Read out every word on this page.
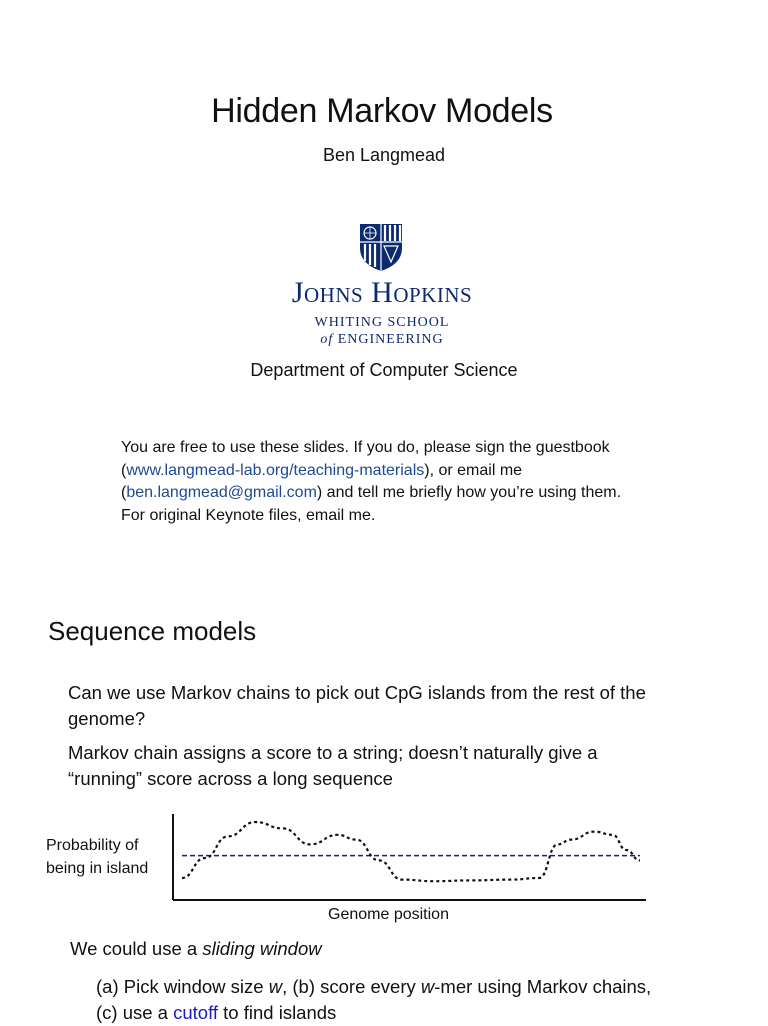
Hidden Markov Models
Ben Langmead
Johns Hopkins
WHITING SCHOOL
of ENGINEERING
Department of Computer Science
You are free to use these slides. If you do, please sign the guestbook (www.langmead-lab.org/teaching-materials), or email me (ben.langmead@gmail.com) and tell me briefly how you’re using them. For original Keynote files, email me.
Sequence models
Can we use Markov chains to pick out CpG islands from the rest of the genome?
Markov chain assigns a score to a string; doesn’t naturally give a “running” score across a long sequence
Probability of being in island
Genome position
We could use a sliding window
(a) Pick window size w, (b) score every w-mer using Markov chains,
(c) use a cutoff to find islands
